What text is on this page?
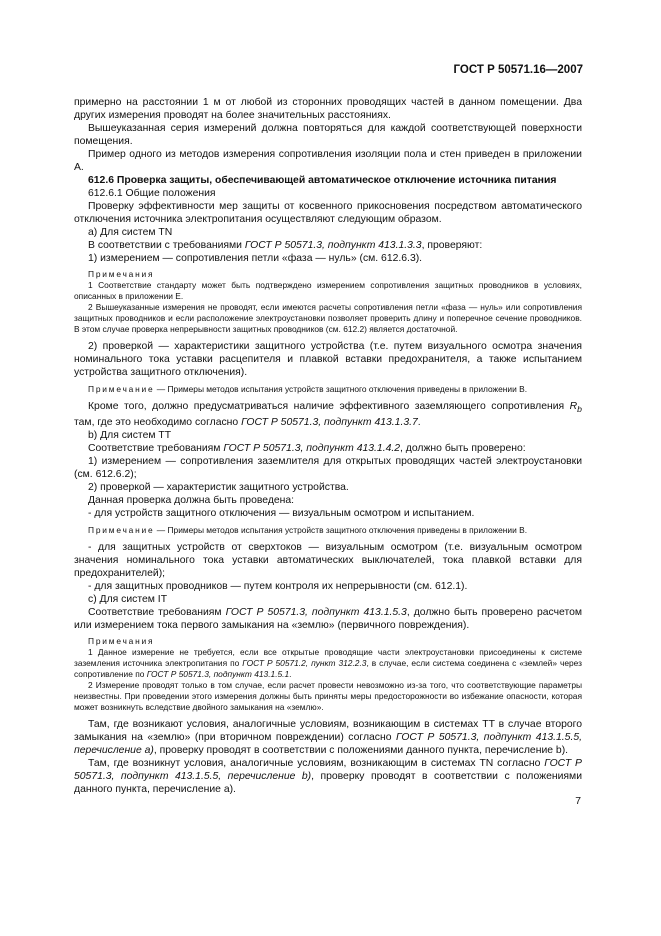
ГОСТ Р 50571.16—2007

примерно на расстоянии 1 м от любой из сторонних проводящих частей в данном помещении. Два других измерения проводят на более значительных расстояниях.

Вышеуказанная серия измерений должна повторяться для каждой соответствующей поверхности помещения.

Пример одного из методов измерения сопротивления изоляции пола и стен приведен в приложении А.

612.6 Проверка защиты, обеспечивающей автоматическое отключение источника питания

612.6.1 Общие положения

Проверку эффективности мер защиты от косвенного прикосновения посредством автоматического отключения источника электропитания осуществляют следующим образом.

а) Для систем TN

В соответствии с требованиями ГОСТ Р 50571.3, подпункт 413.1.3.3, проверяют:

1) измерением — сопротивления петли «фаза — нуль» (см. 612.6.3).

Примечания

1 Соответствие стандарту может быть подтверждено измерением сопротивления защитных проводников в условиях, описанных в приложении Е.

2 Вышеуказанные измерения не проводят, если имеются расчеты сопротивления петли «фаза — нуль» или сопротивления защитных проводников и если расположение электроустановки позволяет проверить длину и поперечное сечение проводников. В этом случае проверка непрерывности защитных проводников (см. 612.2) является достаточной.

2) проверкой — характеристики защитного устройства (т.е. путем визуального осмотра значения номинального тока уставки расцепителя и плавкой вставки предохранителя, а также испытанием устройства защитного отключения).

Примечание — Примеры методов испытания устройств защитного отключения приведены в приложении В.

Кроме того, должно предусматриваться наличие эффективного заземляющего сопротивления $R_b$ там, где это необходимо согласно ГОСТ Р 50571.3, подпункт 413.1.3.7.

b) Для систем TT

Соответствие требованиям ГОСТ Р 50571.3, подпункт 413.1.4.2, должно быть проверено:

1) измерением — сопротивления заземлителя для открытых проводящих частей электроустановки (см. 612.6.2);

2) проверкой — характеристик защитного устройства.

Данная проверка должна быть проведена:

- для устройств защитного отключения — визуальным осмотром и испытанием.

Примечание — Примеры методов испытания устройств защитного отключения приведены в приложении В.

- для защитных устройств от сверхтоков — визуальным осмотром (т.е. визуальным осмотром значения номинального тока уставки автоматических выключателей, тока плавкой вставки для предохранителей);

- для защитных проводников — путем контроля их непрерывности (см. 612.1).

с) Для систем IT

Соответствие требованиям ГОСТ Р 50571.3, подпункт 413.1.5.3, должно быть проверено расчетом или измерением тока первого замыкания на «землю» (первичного повреждения).

Примечания

1 Данное измерение не требуется, если все открытые проводящие части электроустановки присоединены к системе заземления источника электропитания по ГОСТ Р 50571.2, пункт 312.2.3, в случае, если система соединена с «землей» через сопротивление по ГОСТ Р 50571.3, подпункт 413.1.5.1.

2 Измерение проводят только в том случае, если расчет провести невозможно из-за того, что соответствующие параметры неизвестны. При проведении этого измерения должны быть приняты меры предосторожности во избежание опасности, которая может возникнуть вследствие двойного замыкания на «землю».

Там, где возникают условия, аналогичные условиям, возникающим в системах TT в случае второго замыкания на «землю» (при вторичном повреждении) согласно ГОСТ Р 50571.3, подпункт 413.1.5.5, перечисление а), проверку проводят в соответствии с положениями данного пункта, перечисление b).

Там, где возникнут условия, аналогичные условиям, возникающим в системах TN согласно ГОСТ Р 50571.3, подпункт 413.1.5.5, перечисление b), проверку проводят в соответствии с положениями данного пункта, перечисление а).

7
